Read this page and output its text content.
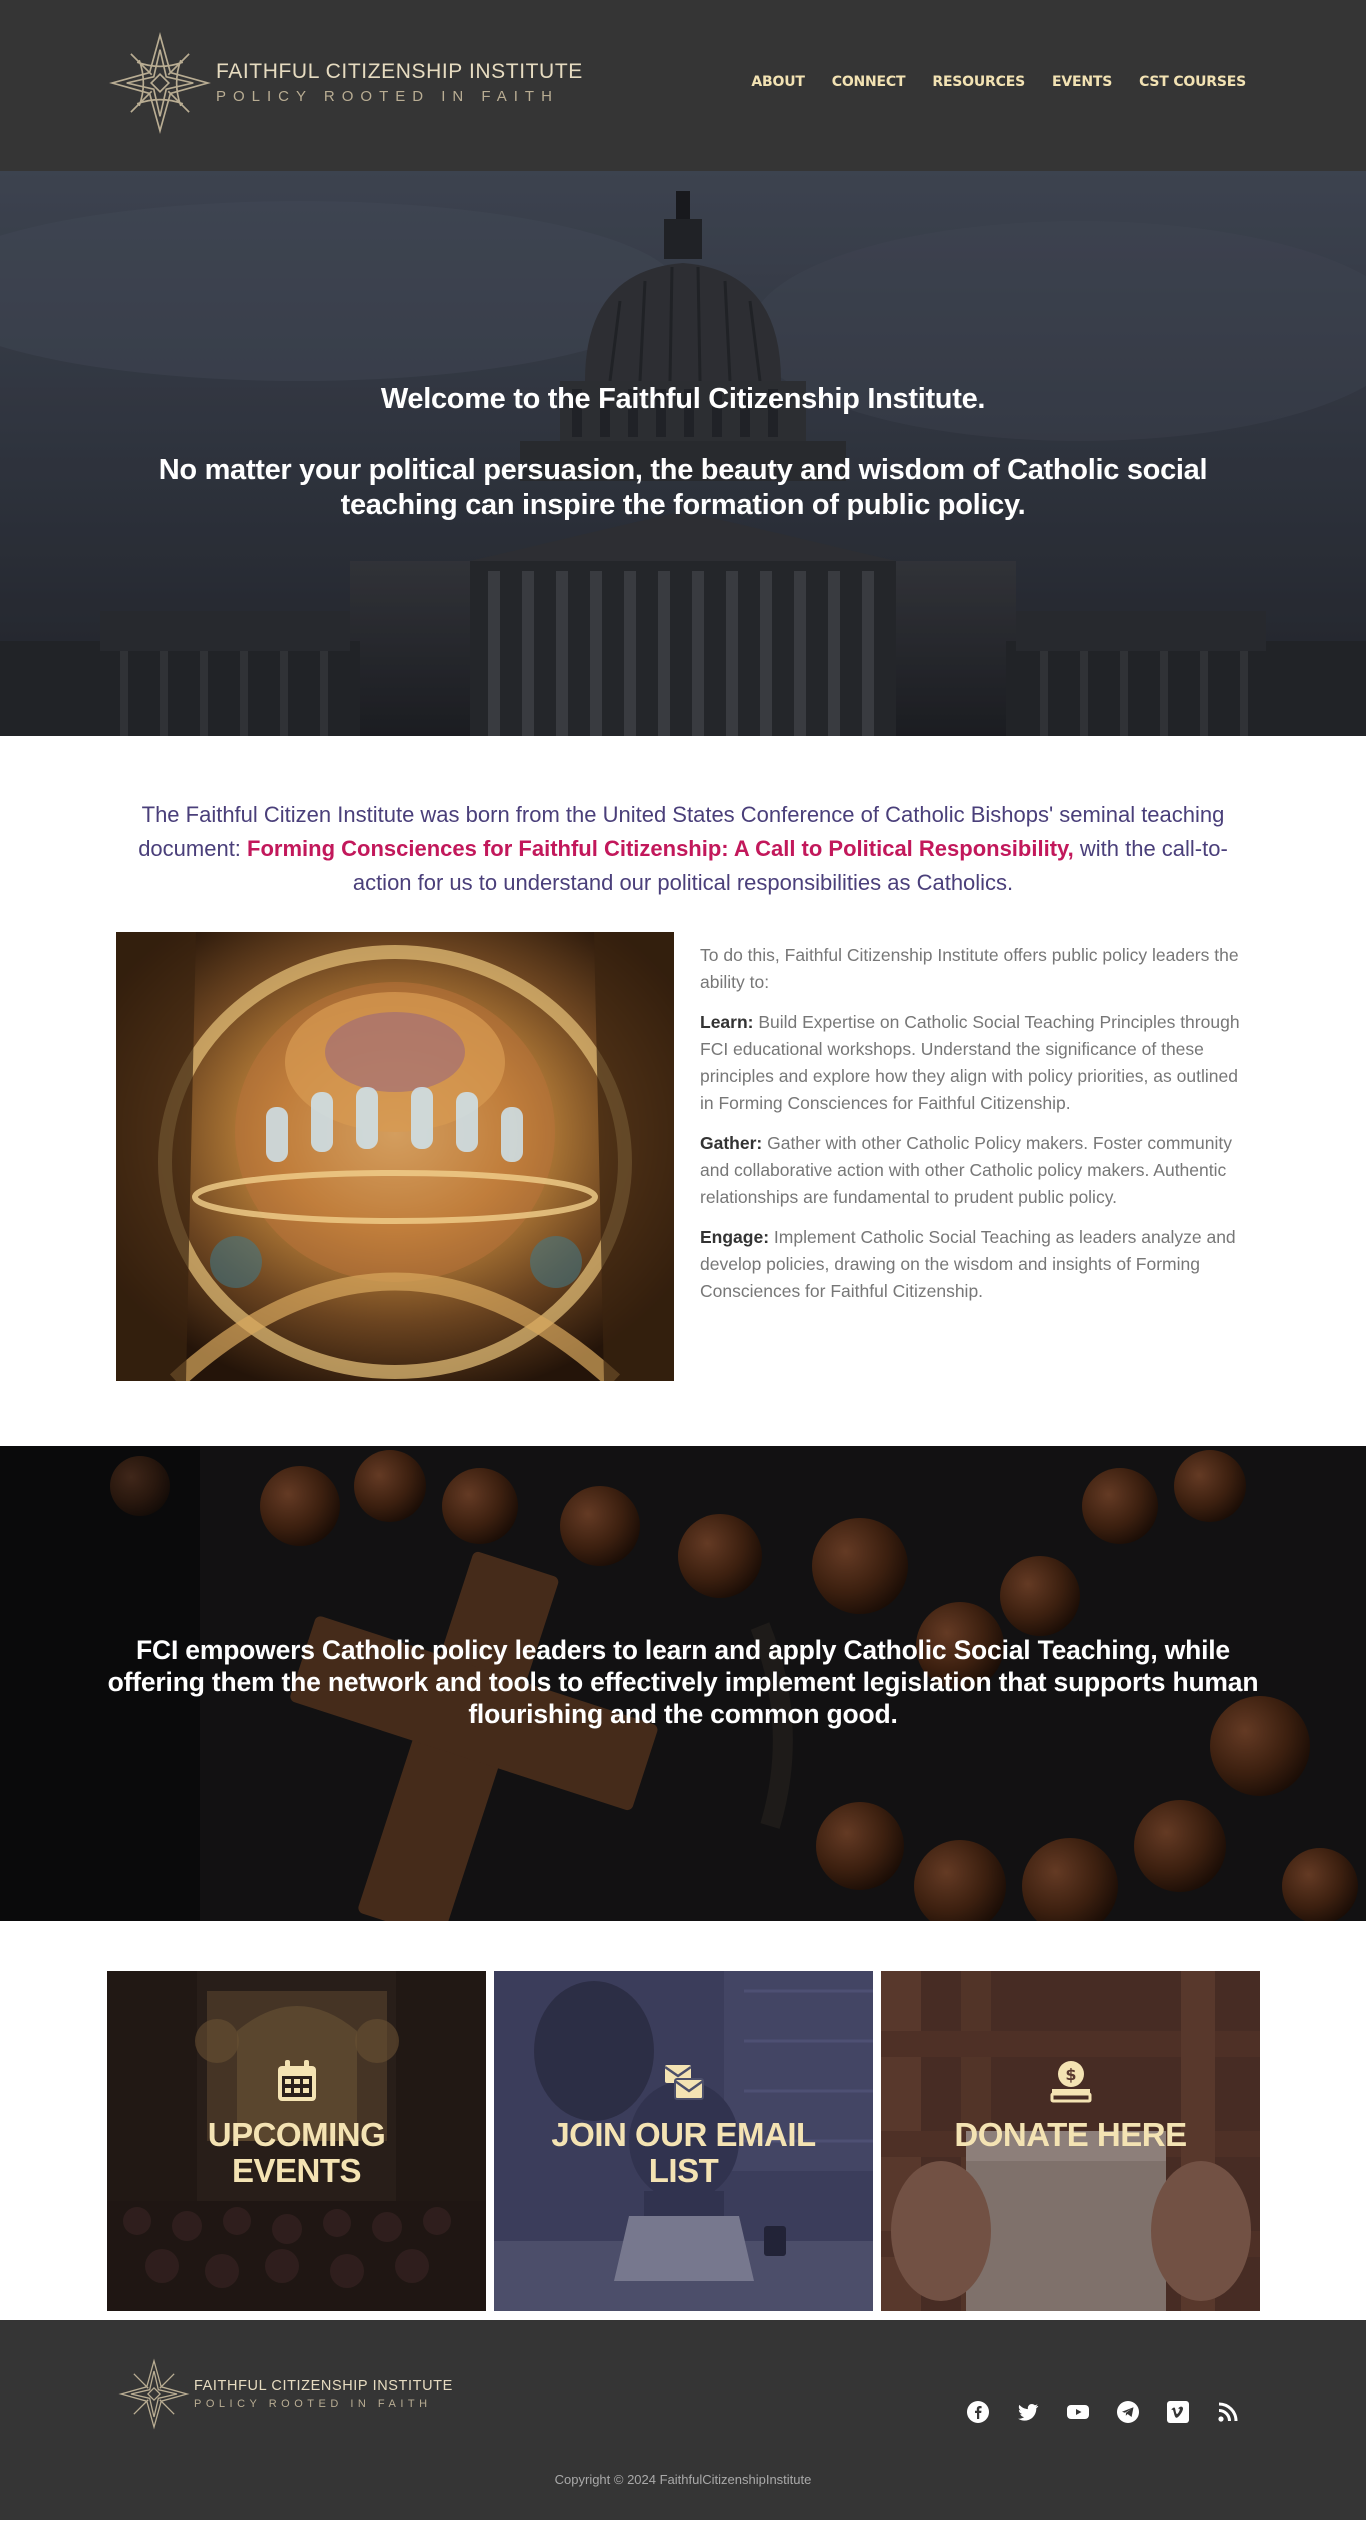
FAITHFUL CITIZENSHIP INSTITUTE
POLICY ROOTED IN FAITH
ABOUT CONNECT RESOURCES EVENTS CST COURSES
Welcome to the Faithful Citizenship Institute.
No matter your political persuasion, the beauty and wisdom of Catholic social teaching can inspire the formation of public policy.

The Faithful Citizen Institute was born from the United States Conference of Catholic Bishops' seminal teaching document: Forming Consciences for Faithful Citizenship: A Call to Political Responsibility, with the call-to-action for us to understand our political responsibilities as Catholics.

To do this, Faithful Citizenship Institute offers public policy leaders the ability to:

Learn: Build Expertise on Catholic Social Teaching Principles through FCI educational workshops. Understand the significance of these principles and explore how they align with policy priorities, as outlined in Forming Consciences for Faithful Citizenship.

Gather: Gather with other Catholic Policy makers. Foster community and collaborative action with other Catholic policy makers. Authentic relationships are fundamental to prudent public policy.

Engage: Implement Catholic Social Teaching as leaders analyze and develop policies, drawing on the wisdom and insights of Forming Consciences for Faithful Citizenship.

FCI empowers Catholic policy leaders to learn and apply Catholic Social Teaching, while offering them the network and tools to effectively implement legislation that supports human flourishing and the common good.

UPCOMING EVENTS
JOIN OUR EMAIL LIST
$
DONATE HERE
FAITHFUL CITIZENSHIP INSTITUTE
POLICY ROOTED IN FAITH

Copyright © 2024 FaithfulCitizenshipInstitute
